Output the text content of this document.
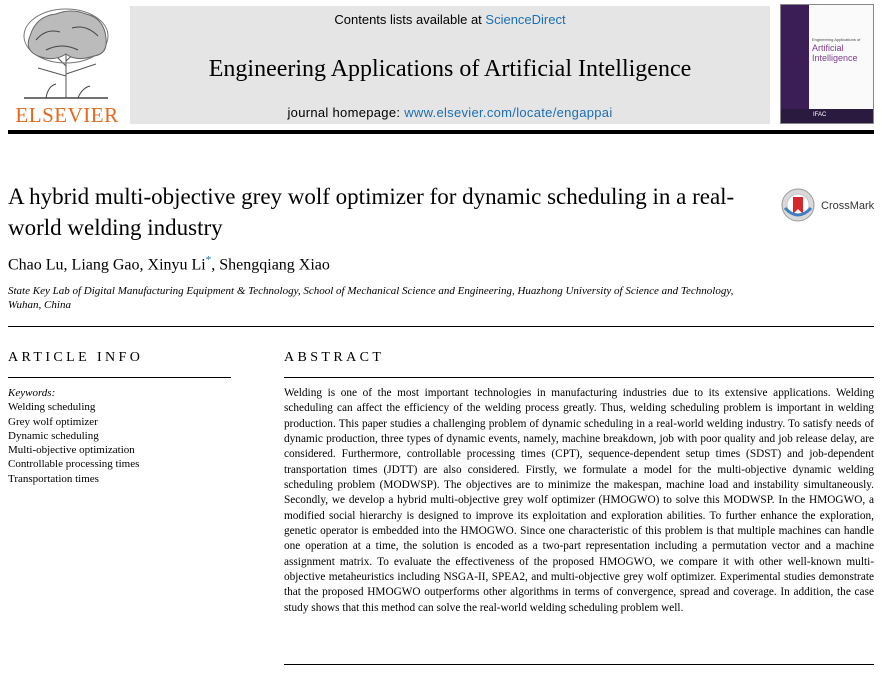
ELSEVIER
Contents lists available at ScienceDirect
Engineering Applications of Artificial Intelligence
journal homepage: www.elsevier.com/locate/engappai
Engineering Applications of
Artificial Intelligence
IFAC
A hybrid multi-objective grey wolf optimizer for dynamic scheduling in a real-world welding industry
CrossMark
Chao Lu, Liang Gao, Xinyu Li*, Shengqiang Xiao
State Key Lab of Digital Manufacturing Equipment & Technology, School of Mechanical Science and Engineering, Huazhong University of Science and Technology, Wuhan, China
ARTICLE INFO
Keywords:
Welding scheduling
Grey wolf optimizer
Dynamic scheduling
Multi-objective optimization
Controllable processing times
Transportation times
ABSTRACT

Welding is one of the most important technologies in manufacturing industries due to its extensive applications. Welding scheduling can affect the efficiency of the welding process greatly. Thus, welding scheduling problem is important in welding production. This paper studies a challenging problem of dynamic scheduling in a real-world welding industry. To satisfy needs of dynamic production, three types of dynamic events, namely, machine breakdown, job with poor quality and job release delay, are considered. Furthermore, controllable processing times (CPT), sequence-dependent setup times (SDST) and job-dependent transportation times (JDTT) are also considered. Firstly, we formulate a model for the multi-objective dynamic welding scheduling problem (MODWSP). The objectives are to minimize the makespan, machine load and instability simultaneously. Secondly, we develop a hybrid multi-objective grey wolf optimizer (HMOGWO) to solve this MODWSP. In the HMOGWO, a modified social hierarchy is designed to improve its exploitation and exploration abilities. To further enhance the exploration, genetic operator is embedded into the HMOGWO. Since one characteristic of this problem is that multiple machines can handle one operation at a time, the solution is encoded as a two-part representation including a permutation vector and a machine assignment matrix. To evaluate the effectiveness of the proposed HMOGWO, we compare it with other well-known multi-objective metaheuristics including NSGA-II, SPEA2, and multi-objective grey wolf optimizer. Experimental studies demonstrate that the proposed HMOGWO outperforms other algorithms in terms of convergence, spread and coverage. In addition, the case study shows that this method can solve the real-world welding scheduling problem well.
